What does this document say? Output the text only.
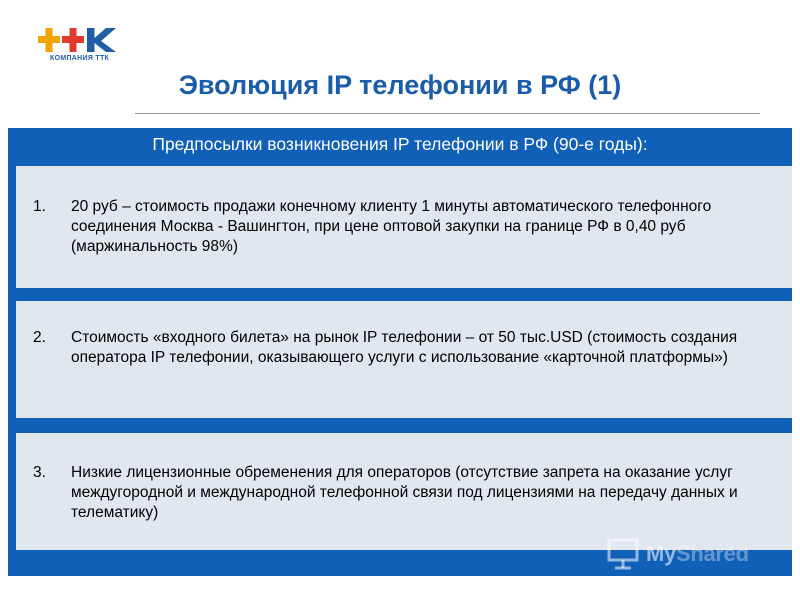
КОМПАНИЯ ТТК
Эволюция IP телефонии в РФ (1)
Предпосылки возникновения IP телефонии в РФ (90-е годы):
1.	20 руб – стоимость продажи конечному клиенту 1 минуты автоматического телефонного соединения Москва - Вашингтон, при цене оптовой закупки на границе РФ в 0,40 руб (маржинальность 98%)
2.	Стоимость «входного билета» на рынок IP телефонии – от 50 тыс.USD (стоимость создания оператора IP телефонии, оказывающего услуги с использование «карточной платформы»)
3.	Низкие лицензионные обременения для операторов (отсутствие запрета на оказание услуг междугородной и международной телефонной связи под лицензиями на передачу данных и телематику)
MyShared
